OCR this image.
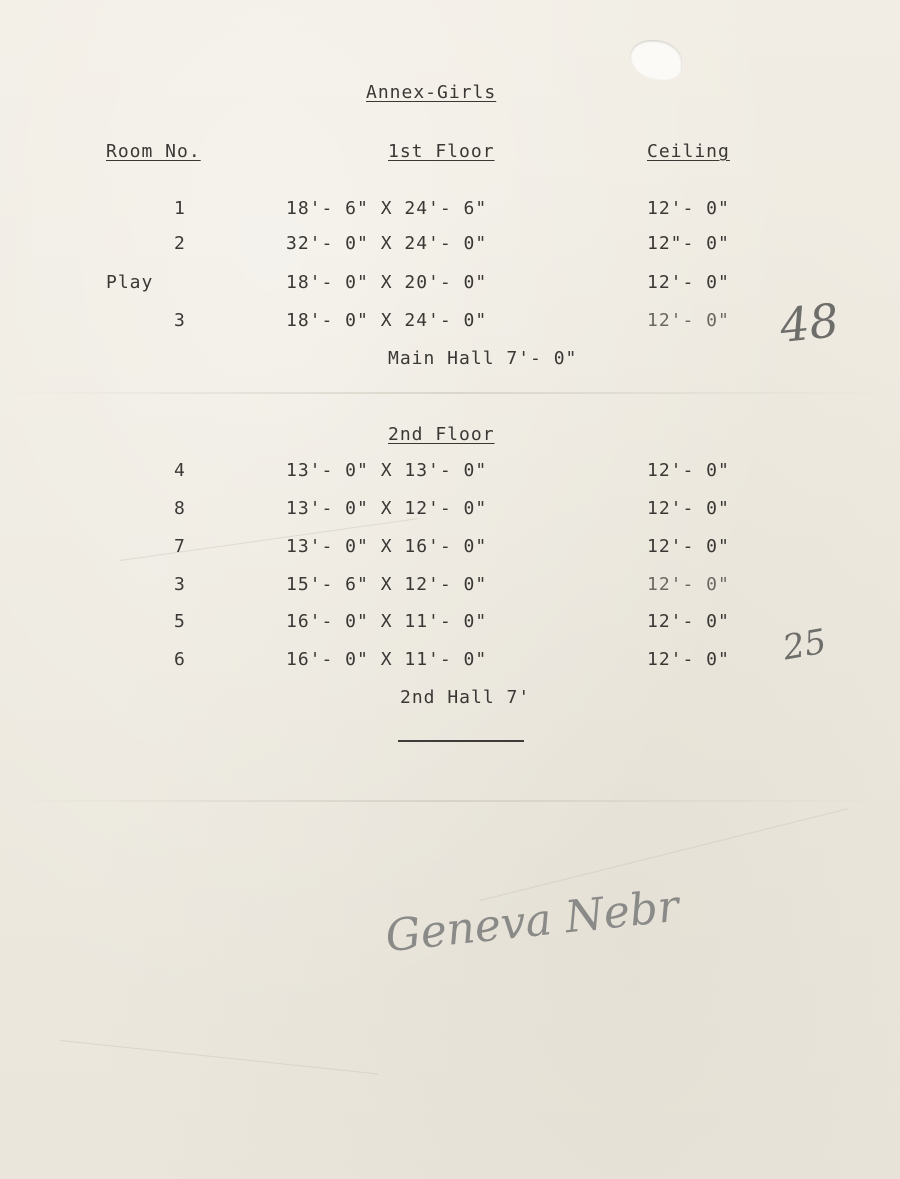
Annex-Girls
Room No.	1st Floor	Ceiling
1	18'- 6" X 24'- 6"	12'- 0"
2	32'- 0" X 24'- 0"	12"- 0"
Play	18'- 0" X 20'- 0"	12'- 0"
3	18'- 0" X 24'- 0"	12'- 0" 48
Main Hall 7'- 0"
2nd Floor
4	13'- 0" X 13'- 0"	12'- 0"
8	13'- 0" X 12'- 0"	12'- 0"
7	13'- 0" X 16'- 0"	12'- 0"
3	15'- 6" X 12'- 0"	12'- 0"
5	16'- 0" X 11'- 0"	12'- 0"
6	16'- 0" X 11'- 0"	12'- 0" 25
2nd Hall 7'
Geneva Nebr
